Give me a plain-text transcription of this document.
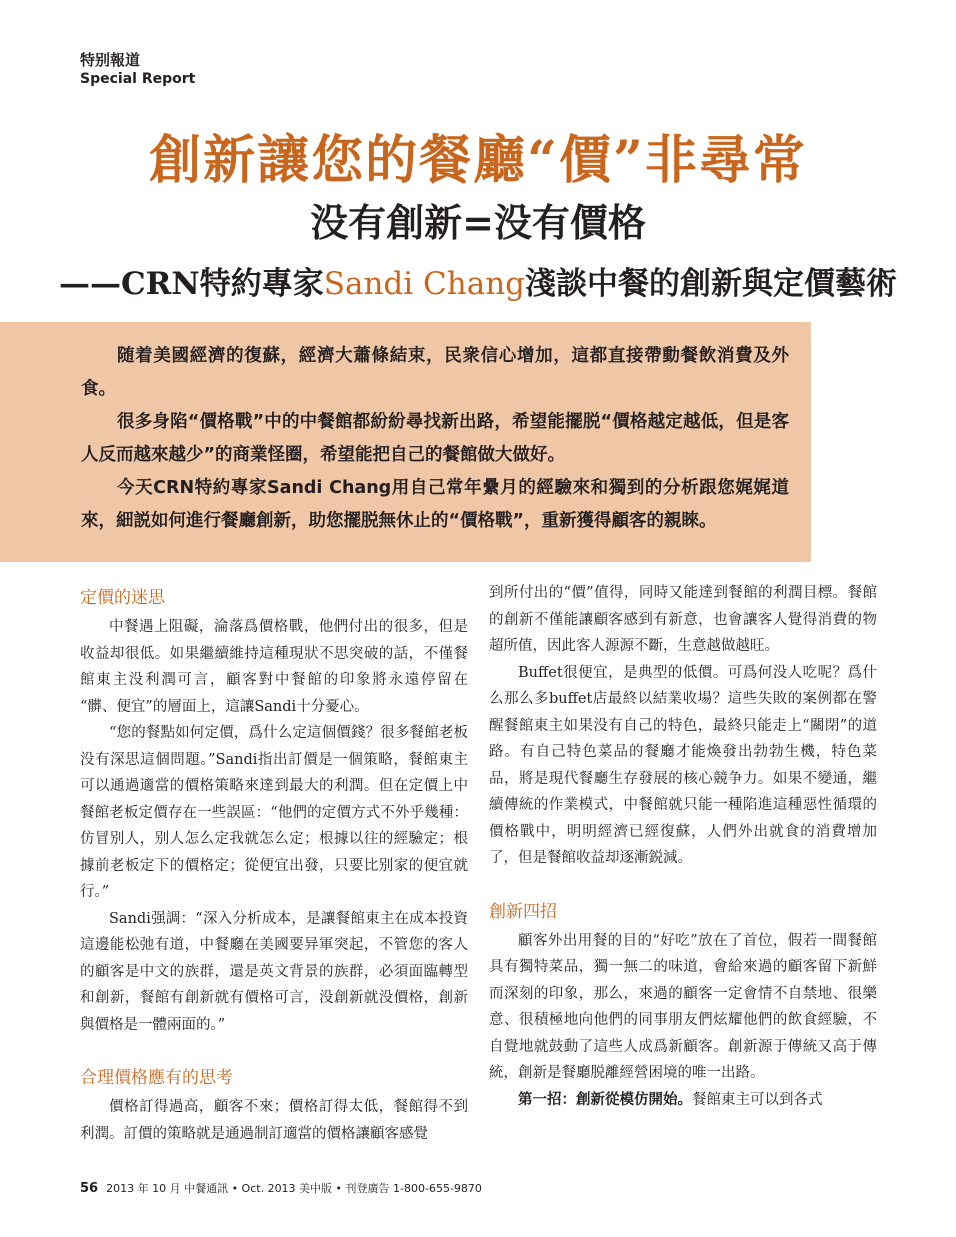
特别報道
Special Report
創新讓您的餐廳“價”非尋常
没有創新=没有價格
——CRN特約專家Sandi Chang淺談中餐的創新與定價藝術

随着美國經濟的復蘇，經濟大蕭條結束，民衆信心增加，這都直接帶動餐飲消費及外食。

很多身陷“價格戰”中的中餐館都紛紛尋找新出路，希望能擺脱“價格越定越低，但是客人反而越來越少”的商業怪圈，希望能把自己的餐館做大做好。

今天CRN特約專家Sandi Chang用自己常年纍月的經驗來和獨到的分析跟您娓娓道來，細説如何進行餐廳創新，助您擺脱無休止的“價格戰”，重新獲得顧客的親睞。

定價的迷思

中餐遇上阻礙，淪落爲價格戰，他們付出的很多，但是收益却很低。如果繼續維持這種現狀不思突破的話，不僅餐館東主没利潤可言，顧客對中餐館的印象將永遠停留在 “髒、便宜”的層面上，這讓Sandi十分憂心。

“您的餐點如何定價，爲什么定這個價錢？很多餐館老板没有深思這個問題。”Sandi指出訂價是一個策略，餐館東主可以通過適當的價格策略來達到最大的利潤。但在定價上中餐館老板定價存在一些誤區：“他們的定價方式不外乎幾種：仿冒别人，别人怎么定我就怎么定；根據以往的經驗定；根據前老板定下的價格定；從便宜出發，只要比别家的便宜就行。”

Sandi强調：“深入分析成本，是讓餐館東主在成本投資這邊能松弛有道，中餐廳在美國要异軍突起，不管您的客人的顧客是中文的族群，還是英文背景的族群，必須面臨轉型和創新，餐館有創新就有價格可言，没創新就没價格，創新與價格是一體兩面的。”

合理價格應有的思考

價格訂得過高，顧客不來；價格訂得太低，餐館得不到利潤。訂價的策略就是通過制訂適當的價格讓顧客感覺

到所付出的“價”值得，同時又能達到餐館的利潤目標。餐館的創新不僅能讓顧客感到有新意，也會讓客人覺得消費的物超所值，因此客人源源不斷，生意越做越旺。

Buffet很便宜，是典型的低價。可爲何没人吃呢？爲什么那么多buffet店最終以結業收場？這些失敗的案例都在警醒餐館東主如果没有自己的特色，最終只能走上“關閉”的道路。有自己特色菜品的餐廳才能煥發出勃勃生機，特色菜品，將是現代餐廳生存發展的核心競争力。如果不變通，繼續傳統的作業模式，中餐館就只能一種陷進這種惡性循環的價格戰中，明明經濟已經復蘇，人們外出就食的消費增加了，但是餐館收益却逐漸鋭減。

創新四招

顧客外出用餐的目的“好吃”放在了首位，假若一間餐館具有獨特菜品，獨一無二的味道，會給來過的顧客留下新鮮而深刻的印象，那么，來過的顧客一定會情不自禁地、很樂意、很積極地向他們的同事朋友們炫耀他們的飲食經驗，不自覺地就鼓動了這些人成爲新顧客。創新源于傳統又高于傳統，創新是餐廳脱離經營困境的唯一出路。

第一招：創新從模仿開始。餐館東主可以到各式

56 2013 年 10 月 中餐通訊 • Oct. 2013 美中版 • 刊登廣告 1-800-655-9870
